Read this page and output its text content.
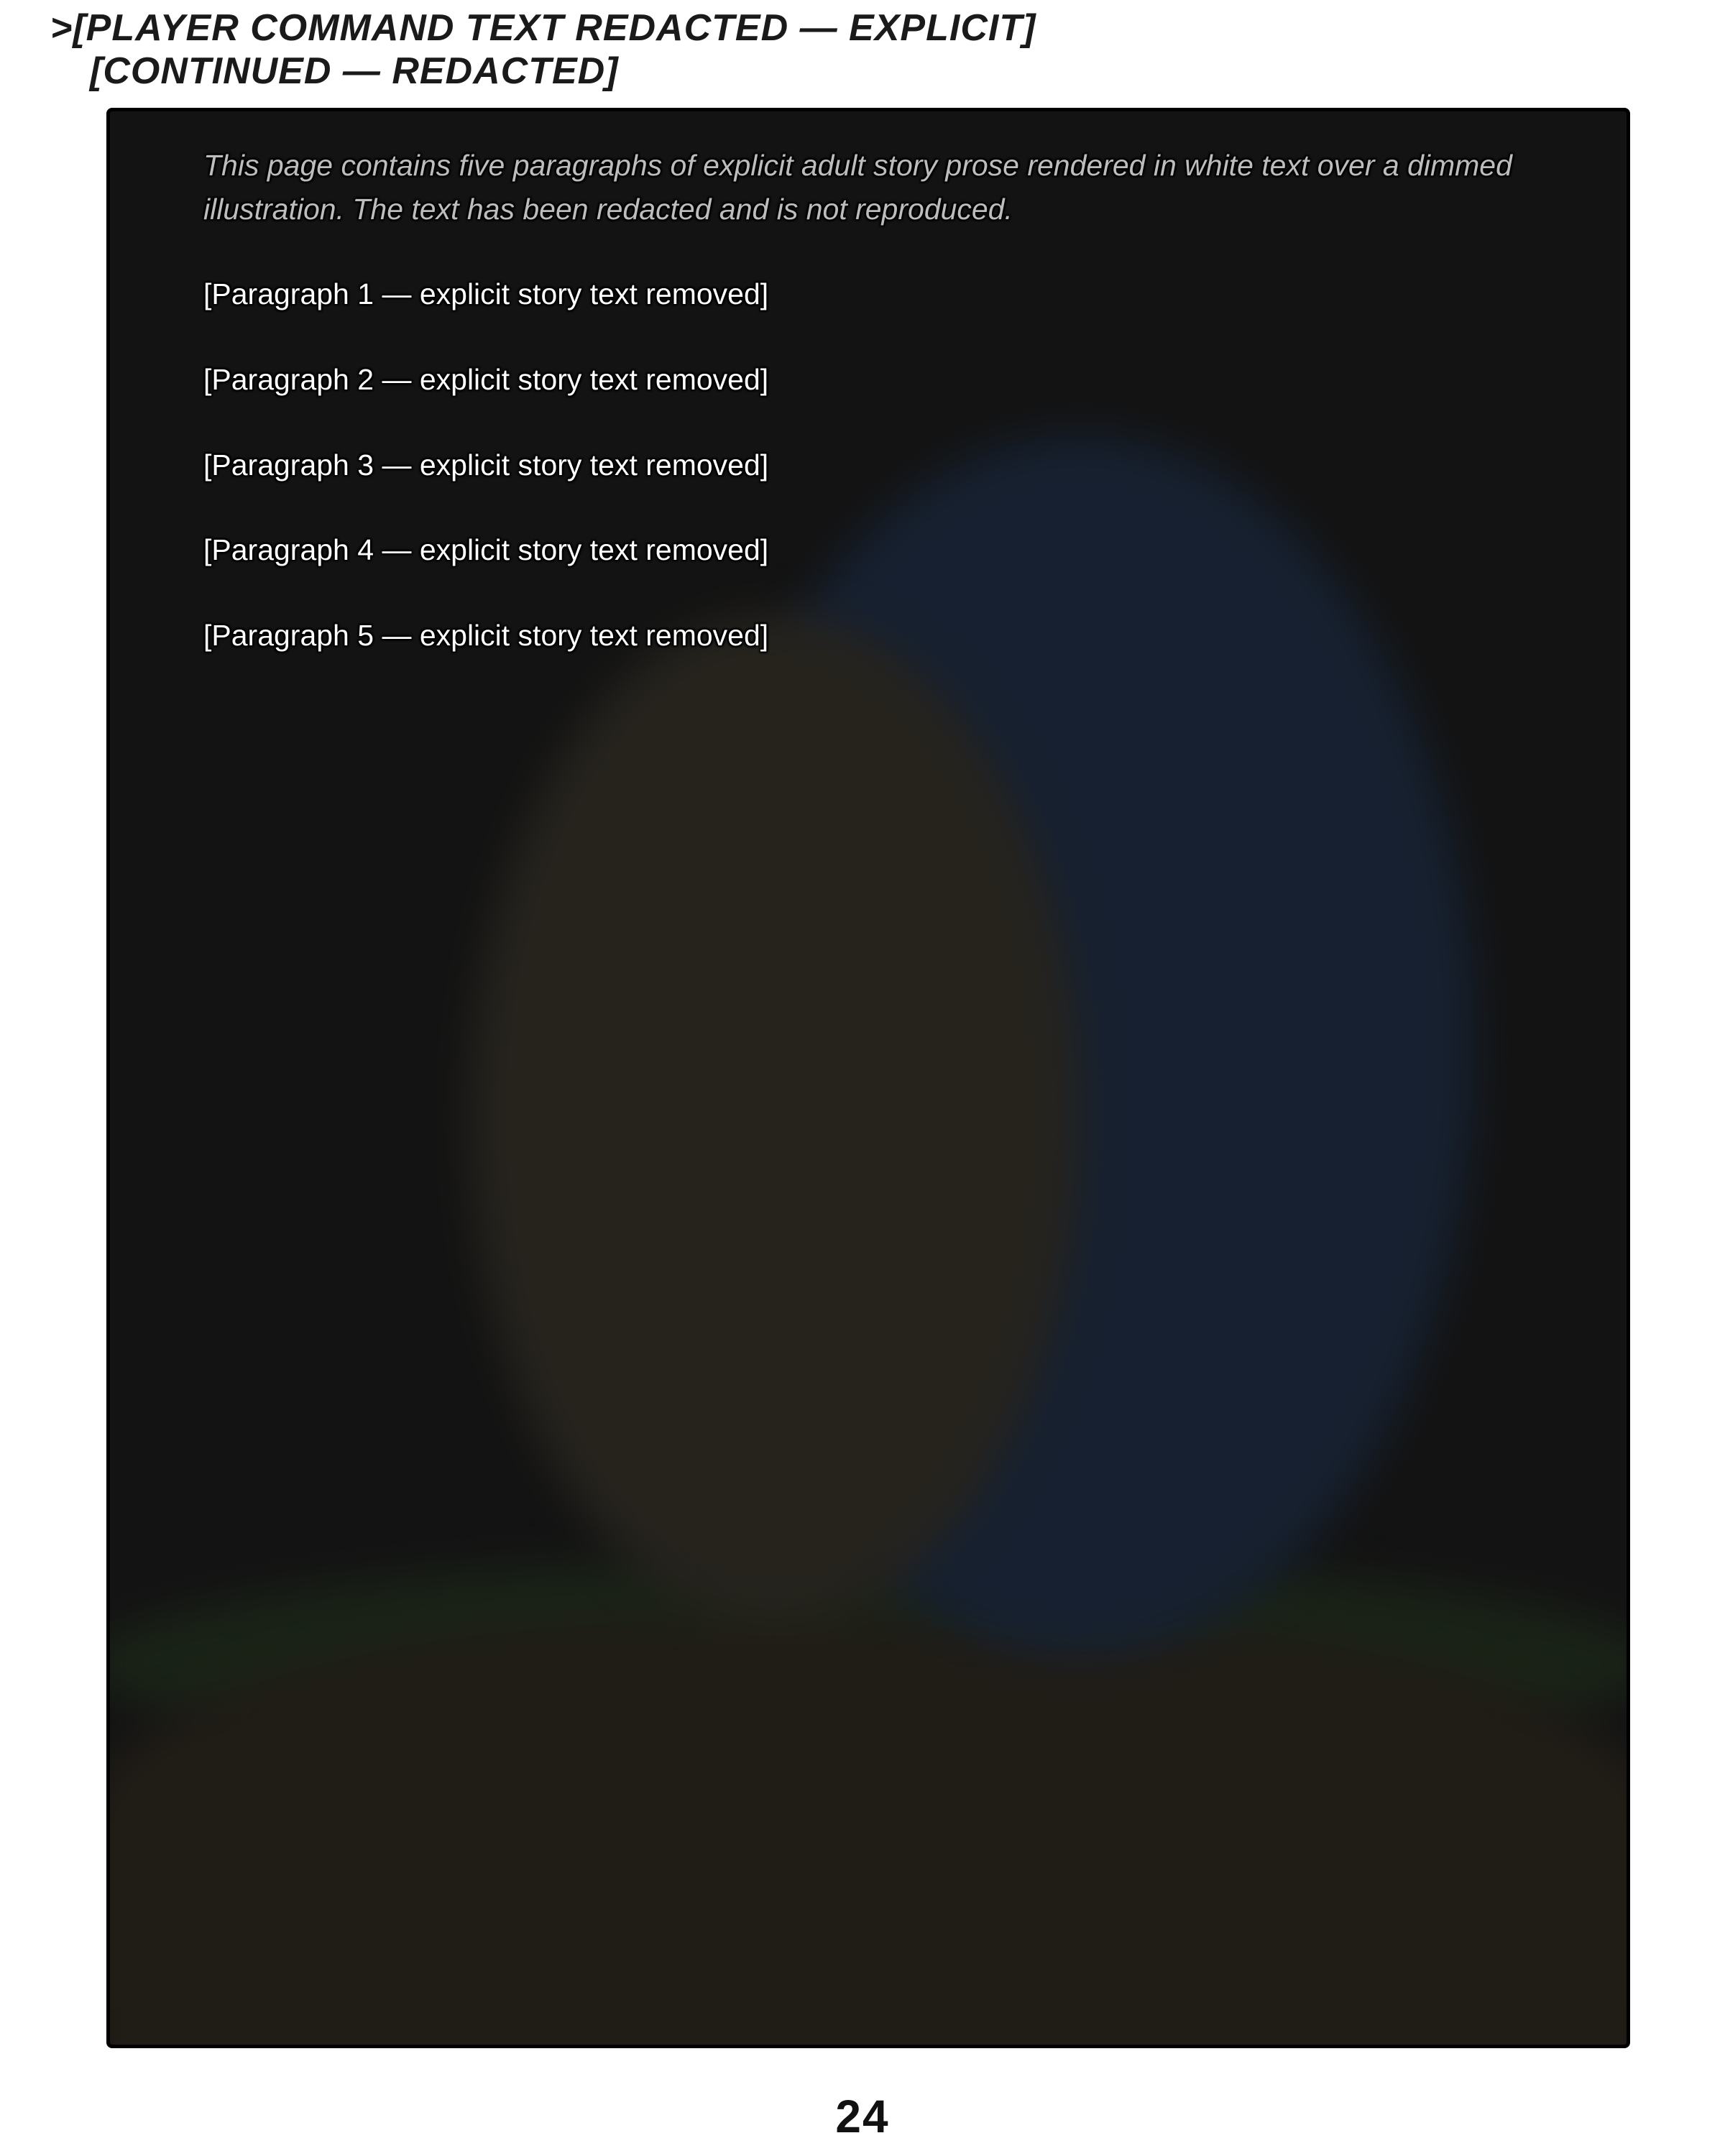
>[PLAYER COMMAND TEXT REDACTED — EXPLICIT]
[CONTINUED — REDACTED]

This page contains five paragraphs of explicit adult story prose rendered in white text over a dimmed illustration. The text has been redacted and is not reproduced.

[Paragraph 1 — explicit story text removed]

[Paragraph 2 — explicit story text removed]

[Paragraph 3 — explicit story text removed]

[Paragraph 4 — explicit story text removed]

[Paragraph 5 — explicit story text removed]

24
